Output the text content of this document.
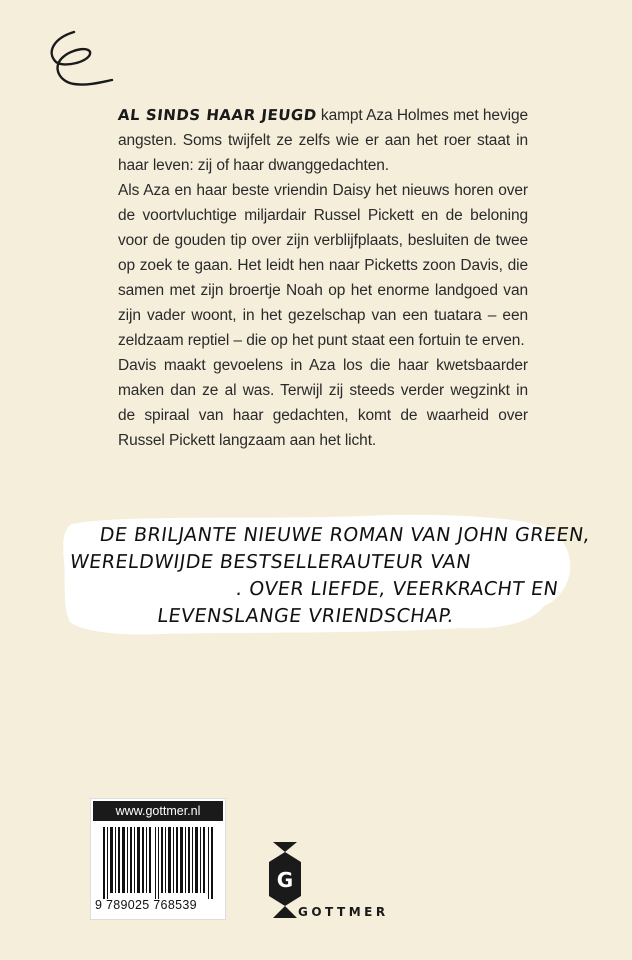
AL SINDS HAAR JEUGD kampt Aza Holmes met hevige angsten. Soms twijfelt ze zelfs wie er aan het roer staat in haar leven: zij of haar dwanggedachten.

Als Aza en haar beste vriendin Daisy het nieuws horen over de voortvluchtige miljardair Russel Pickett en de beloning voor de gouden tip over zijn verblijfplaats, besluiten de twee op zoek te gaan. Het leidt hen naar Picketts zoon Davis, die samen met zijn broertje Noah op het enorme landgoed van zijn vader woont, in het gezelschap van een tuatara – een zeldzaam reptiel – die op het punt staat een fortuin te erven.

Davis maakt gevoelens in Aza los die haar kwetsbaarder maken dan ze al was. Terwijl zij steeds verder wegzinkt in de spiraal van haar gedachten, komt de waarheid over Russel Pickett langzaam aan het licht.

DE BRILJANTE NIEUWE ROMAN VAN JOHN GREEN,
WERELDWIJDE BESTSELLERAUTEUR VAN
. OVER LIEFDE, VEERKRACHT EN
LEVENSLANGE VRIENDSCHAP.
www.gottmer.nl
9 789025 768539
G
GOTTMER
